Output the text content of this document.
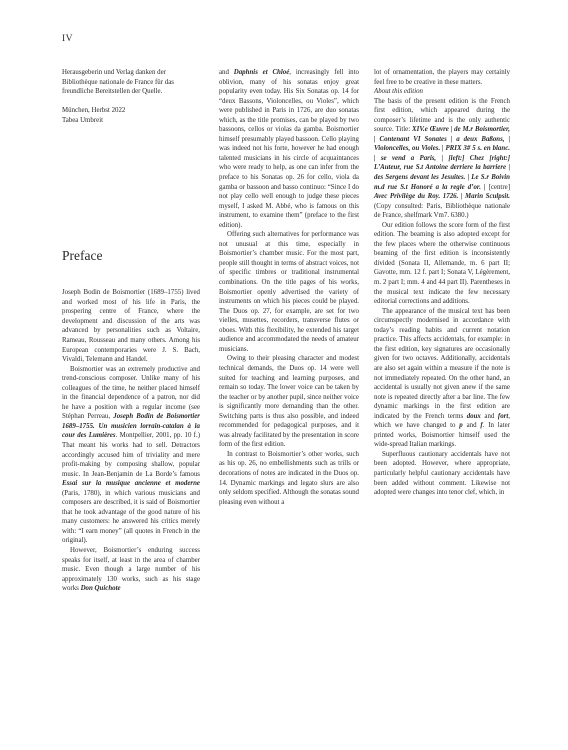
IV

Herausgeberin und Verlag danken der Bibliothèque nationale de France für das freundliche Bereitstellen der Quelle.

München, Herbst 2022

Tabea Umbreit

Preface

Joseph Bodin de Boismortier (1689–1755) lived and worked most of his life in Paris, the prospering centre of France, where the development and discussion of the arts was advanced by personalities such as Voltaire, Rameau, Rousseau and many others. Among his European contemporaries were J. S. Bach, Vivaldi, Telemann and Handel.

Boismortier was an extremely productive and trend-conscious composer. Unlike many of his colleagues of the time, he neither placed himself in the financial dependence of a patron, nor did he have a position with a regular income (see Stéphan Perreau, Joseph Bodin de Boismortier 1689–1755. Un musicien lorrain-catalan à la cour des Lumières. Montpellier, 2001, pp. 10 f.) That meant his works had to sell. Detractors accordingly accused him of triviality and mere profit-making by composing shallow, popular music. In Jean-Benjamin de La Borde’s famous Essai sur la musique ancienne et moderne (Paris, 1780), in which various musicians and composers are described, it is said of Boismortier that he took advantage of the good nature of his many customers: he answered his critics merely with: “I earn money” (all quotes in French in the original).

However, Boismortier’s enduring success speaks for itself, at least in the area of chamber music. Even though a large number of his approximately 130 works, such as his stage works Don Quichote

and Daphnis et Chloé, increasingly fell into oblivion, many of his sonatas enjoy great popularity even today. His Six Sonatas op. 14 for “deux Bassons, Violoncelles, ou Violes”, which were published in Paris in 1726, are duo sonatas which, as the title promises, can be played by two bassoons, cellos or violas da gamba. Boismortier himself presumably played bassoon. Cello playing was indeed not his forte, however he had enough talented musicians in his circle of acquaintances who were ready to help, as one can infer from the preface to his Sonatas op. 26 for cello, viola da gamba or bassoon and basso continuo: “Since I do not play cello well enough to judge these pieces myself, I asked M. Abbé, who is famous on this instrument, to examine them” (preface to the first edition).

Offering such alternatives for performance was not unusual at this time, especially in Boismortier’s chamber music. For the most part, people still thought in terms of abstract voices, not of specific timbres or traditional instrumental combinations. On the title pages of his works, Boismortier openly advertised the variety of instruments on which his pieces could be played. The Duos op. 27, for example, are set for two vielles, musettes, recorders, transverse flutes or oboes. With this flexibility, he extended his target audience and accommodated the needs of amateur musicians.

Owing to their pleasing character and modest technical demands, the Duos op. 14 were well suited for teaching and learning purposes, and remain so today. The lower voice can be taken by the teacher or by another pupil, since neither voice is significantly more demanding than the other. Switching parts is thus also possible, and indeed recommended for pedagogical purposes, and it was already facilitated by the presentation in score form of the first edition.

In contrast to Boismortier’s other works, such as his op. 26, no embellishments such as trills or decorations of notes are indicated in the Duos op. 14. Dynamic markings and legato slurs are also only seldom specified. Although the sonatas sound pleasing even without a

lot of ornamentation, the players may certainly feel free to be creative in these matters.

About this edition

The basis of the present edition is the French first edition, which appeared during the composer’s lifetime and is the only authentic source. Title: XIV.e Œuvre | de M.r Boismortier, | Contenant VI Sonates | a deux Baßons, | Violoncelles, ou Violes. | PRIX 3# 5 s. en blanc. | se vend a Paris, | [left:] Chez [right:] L’Auteur, rue S.t Antoine derriere la barriere | des Sergens devant les Jesuites. | Le S.r Boivin m.d rue S.t Honoré a la regle d’or. | [centre] Avec Privilège du Roy. 1726. | Marin Sculpsit. (Copy consulted: Paris, Bibliothèque nationale de France, shelfmark Vm7. 6380.)

Our edition follows the score form of the first edition. The beaming is also adopted except for the few places where the otherwise continuous beaming of the first edition is inconsistently divided (Sonata II, Allemande, m. 6 part II; Gavotte, mm. 12 f. part I; Sonata V, Légèrement, m. 2 part I; mm. 4 and 44 part II). Parentheses in the musical text indicate the few necessary editorial corrections and additions.

The appearance of the musical text has been circumspectly modernised in accordance with today’s reading habits and current notation practice. This affects accidentals, for example: in the first edition, key signatures are occasionally given for two octaves. Additionally, accidentals are also set again within a measure if the note is not immediately repeated. On the other hand, an accidental is usually not given anew if the same note is repeated directly after a bar line. The few dynamic markings in the first edition are indicated by the French terms doux and fort, which we have changed to p and f. In later printed works, Boismortier himself used the wide-spread Italian markings.

Superfluous cautionary accidentals have not been adopted. However, where appropriate, particularly helpful cautionary accidentals have been added without comment. Likewise not adopted were changes into tenor clef, which, in
